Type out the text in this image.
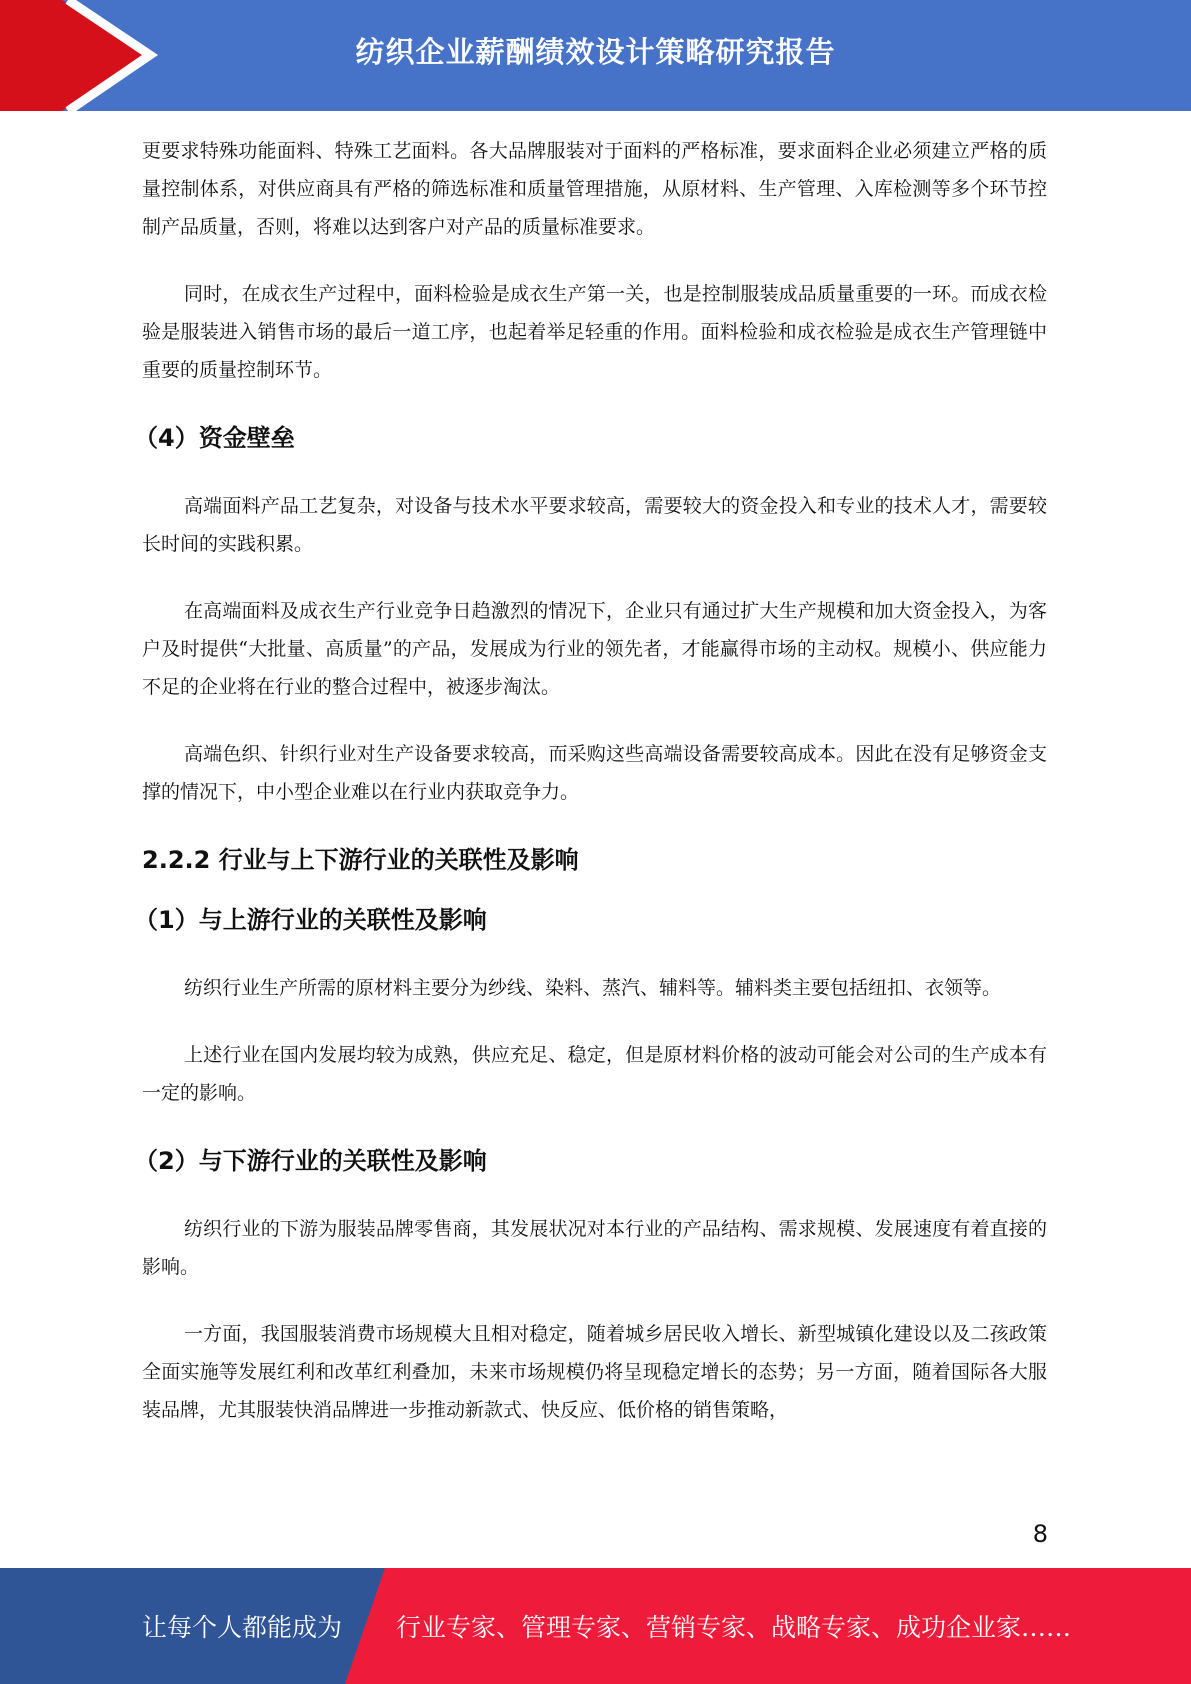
纺织企业薪酬绩效设计策略研究报告

更要求特殊功能面料、特殊工艺面料。各大品牌服装对于面料的严格标准，要求面料企业必须建立严格的质量控制体系，对供应商具有严格的筛选标准和质量管理措施，从原材料、生产管理、入库检测等多个环节控制产品质量，否则，将难以达到客户对产品的质量标准要求。

同时，在成衣生产过程中，面料检验是成衣生产第一关，也是控制服装成品质量重要的一环。而成衣检验是服装进入销售市场的最后一道工序，也起着举足轻重的作用。面料检验和成衣检验是成衣生产管理链中重要的质量控制环节。

（4）资金壁垒

高端面料产品工艺复杂，对设备与技术水平要求较高，需要较大的资金投入和专业的技术人才，需要较长时间的实践积累。

在高端面料及成衣生产行业竞争日趋激烈的情况下，企业只有通过扩大生产规模和加大资金投入，为客户及时提供“大批量、高质量”的产品，发展成为行业的领先者，才能赢得市场的主动权。规模小、供应能力不足的企业将在行业的整合过程中，被逐步淘汰。

高端色织、针织行业对生产设备要求较高，而采购这些高端设备需要较高成本。因此在没有足够资金支撑的情况下，中小型企业难以在行业内获取竞争力。

2.2.2 行业与上下游行业的关联性及影响
（1）与上游行业的关联性及影响

纺织行业生产所需的原材料主要分为纱线、染料、蒸汽、辅料等。辅料类主要包括纽扣、衣领等。

上述行业在国内发展均较为成熟，供应充足、稳定，但是原材料价格的波动可能会对公司的生产成本有一定的影响。

（2）与下游行业的关联性及影响

纺织行业的下游为服装品牌零售商，其发展状况对本行业的产品结构、需求规模、发展速度有着直接的影响。

一方面，我国服装消费市场规模大且相对稳定，随着城乡居民收入增长、新型城镇化建设以及二孩政策全面实施等发展红利和改革红利叠加，未来市场规模仍将呈现稳定增长的态势；另一方面，随着国际各大服装品牌，尤其服装快消品牌进一步推动新款式、快反应、低价格的销售策略，

8
让每个人都能成为 行业专家、管理专家、营销专家、战略专家、成功企业家……
